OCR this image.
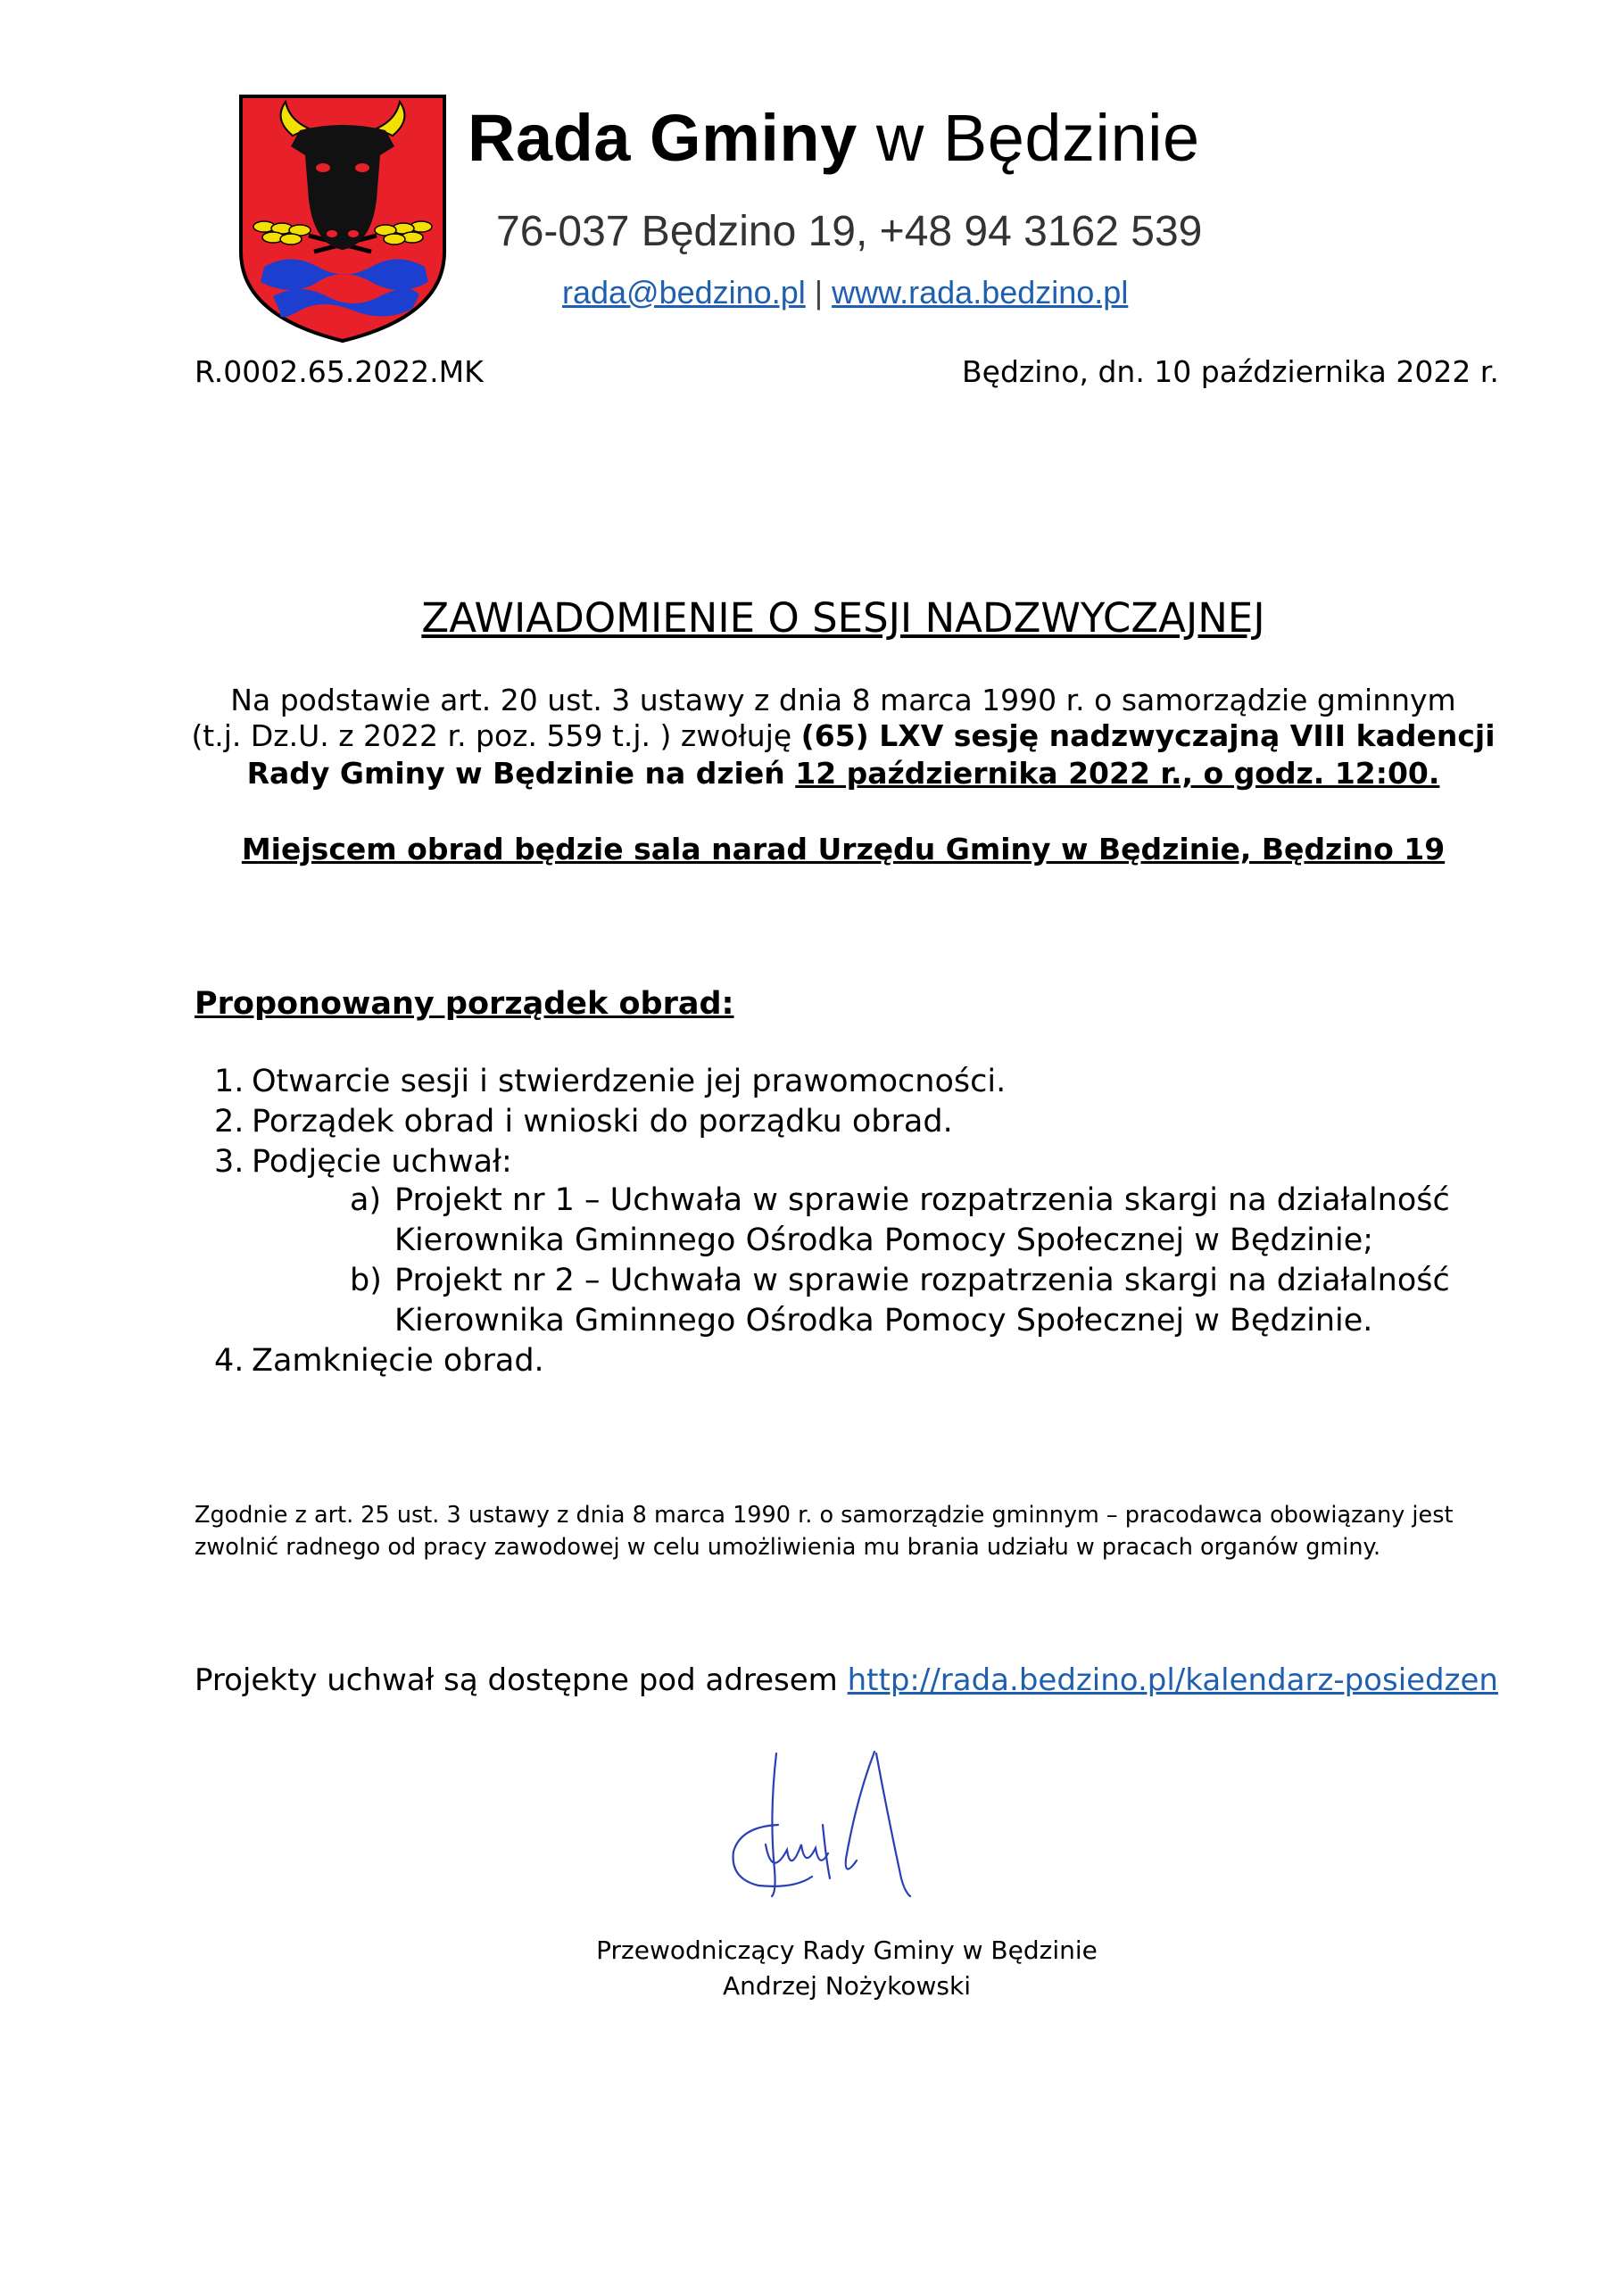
Rada Gminy w Będzinie
76-037 Będzino 19, +48 94 3162 539
rada@bedzino.pl | www.rada.bedzino.pl
R.0002.65.2022.MK	Będzino, dn. 10 października 2022 r.
ZAWIADOMIENIE O SESJI NADZWYCZAJNEJ
Na podstawie art. 20 ust. 3 ustawy z dnia 8 marca 1990 r. o samorządzie gminnym
(t.j. Dz.U. z 2022 r. poz. 559 t.j. ) zwołuję (65) LXV sesję nadzwyczajną VIII kadencji
Rady Gminy w Będzinie na dzień 12 października 2022 r., o godz. 12:00.
Miejscem obrad będzie sala narad Urzędu Gminy w Będzinie, Będzino 19
Proponowany porządek obrad:
1. Otwarcie sesji i stwierdzenie jej prawomocności.
2. Porządek obrad i wnioski do porządku obrad.
3. Podjęcie uchwał:
a) Projekt nr 1 – Uchwała w sprawie rozpatrzenia skargi na działalność
Kierownika Gminnego Ośrodka Pomocy Społecznej w Będzinie;
b) Projekt nr 2 – Uchwała w sprawie rozpatrzenia skargi na działalność
Kierownika Gminnego Ośrodka Pomocy Społecznej w Będzinie.
4. Zamknięcie obrad.
Zgodnie z art. 25 ust. 3 ustawy z dnia 8 marca 1990 r. o samorządzie gminnym – pracodawca obowiązany jest zwolnić radnego od pracy zawodowej w celu umożliwienia mu brania udziału w pracach organów gminy.
Projekty uchwał są dostępne pod adresem http://rada.bedzino.pl/kalendarz-posiedzen
Przewodniczący Rady Gminy w Będzinie
Andrzej Nożykowski
